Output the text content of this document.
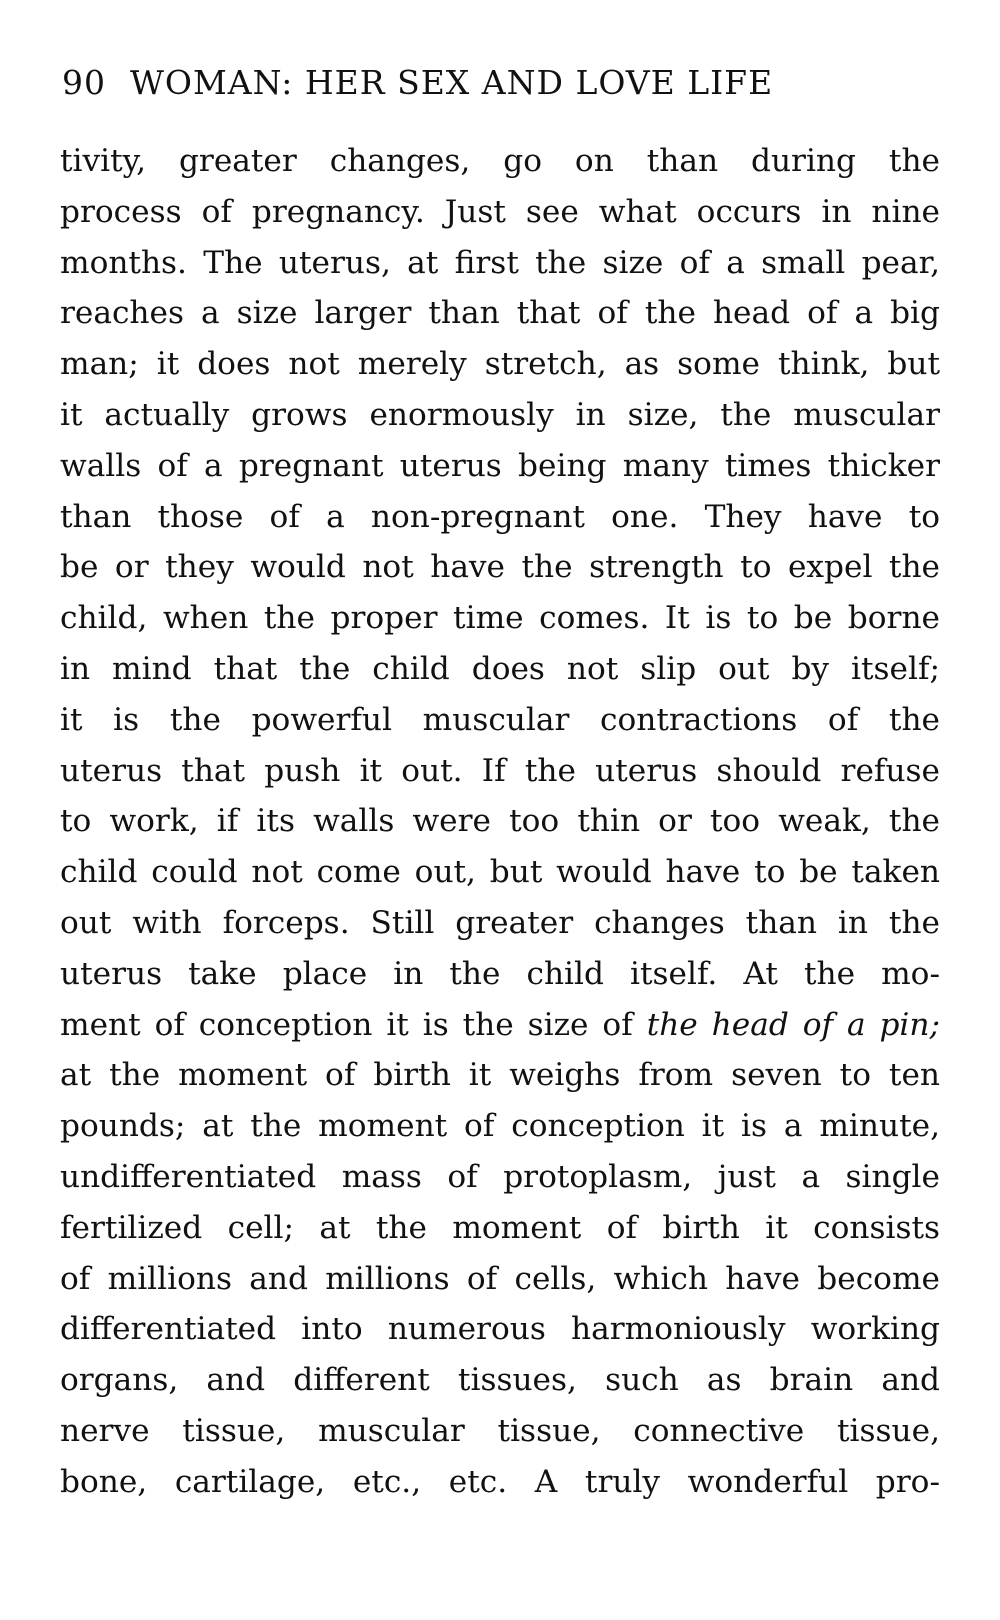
90 WOMAN: HER SEX AND LOVE LIFE
tivity, greater changes, go on than during the
process of pregnancy. Just see what occurs in nine
months. The uterus, at first the size of a small pear,
reaches a size larger than that of the head of a big
man; it does not merely stretch, as some think, but
it actually grows enormously in size, the muscular
walls of a pregnant uterus being many times thicker
than those of a non-pregnant one. They have to
be or they would not have the strength to expel the
child, when the proper time comes. It is to be borne
in mind that the child does not slip out by itself;
it is the powerful muscular contractions of the
uterus that push it out. If the uterus should refuse
to work, if its walls were too thin or too weak, the
child could not come out, but would have to be taken
out with forceps. Still greater changes than in the
uterus take place in the child itself. At the mo-
ment of conception it is the size of the head of a pin;
at the moment of birth it weighs from seven to ten
pounds; at the moment of conception it is a minute,
undifferentiated mass of protoplasm, just a single
fertilized cell; at the moment of birth it consists
of millions and millions of cells, which have become
differentiated into numerous harmoniously working
organs, and different tissues, such as brain and
nerve tissue, muscular tissue, connective tissue,
bone, cartilage, etc., etc. A truly wonderful pro-
